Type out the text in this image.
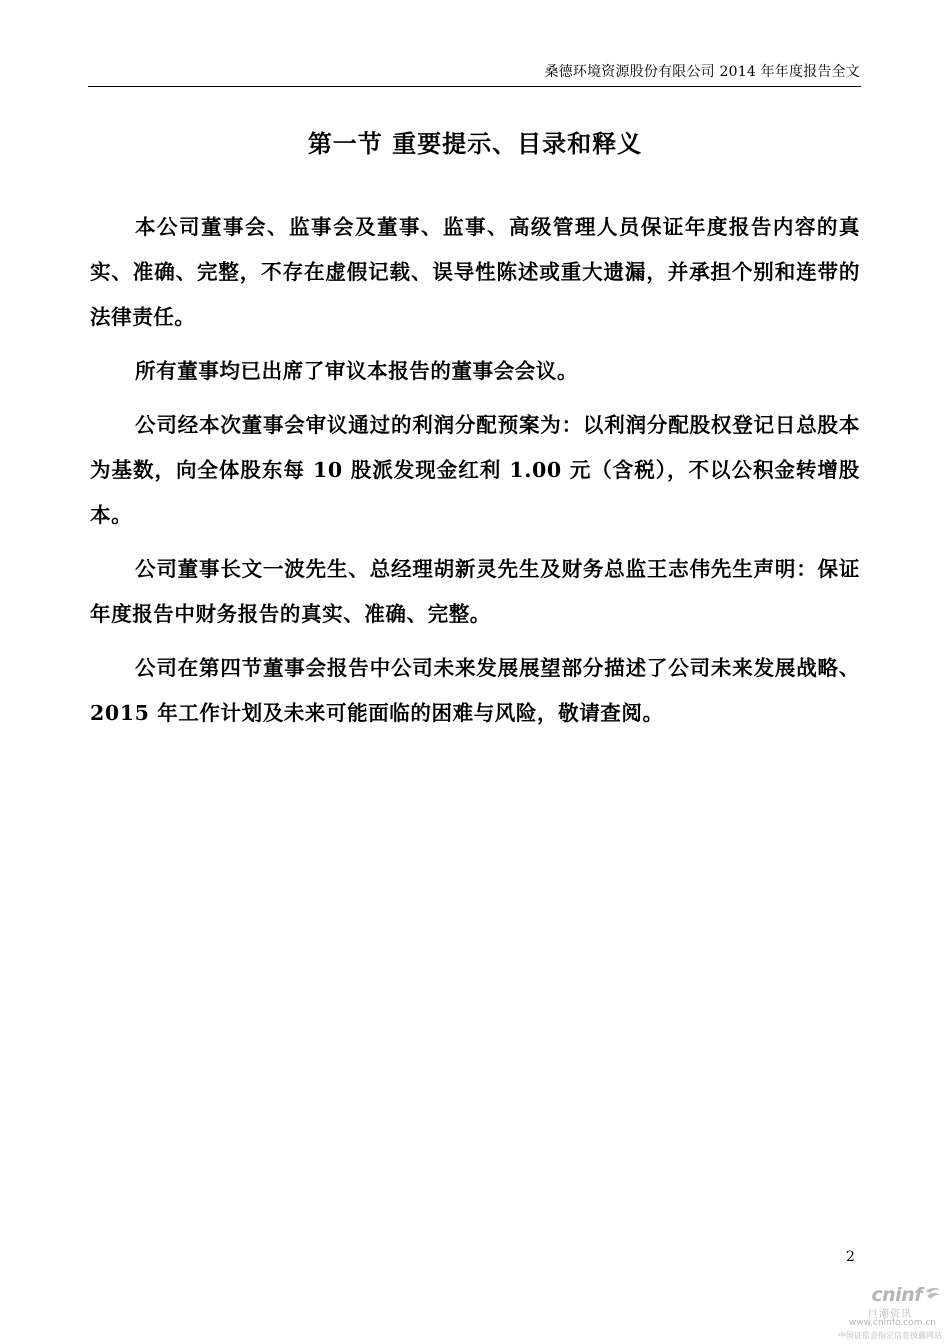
桑德环境资源股份有限公司 2014 年年度报告全文
第一节 重要提示、目录和释义

本公司董事会、监事会及董事、监事、高级管理人员保证年度报告内容的真实、准确、完整，不存在虚假记载、误导性陈述或重大遗漏，并承担个别和连带的法律责任。

所有董事均已出席了审议本报告的董事会会议。

公司经本次董事会审议通过的利润分配预案为：以利润分配股权登记日总股本为基数，向全体股东每 10 股派发现金红利 1.00 元（含税），不以公积金转增股本。

公司董事长文一波先生、总经理胡新灵先生及财务总监王志伟先生声明：保证年度报告中财务报告的真实、准确、完整。

公司在第四节董事会报告中公司未来发展展望部分描述了公司未来发展战略、2015 年工作计划及未来可能面临的困难与风险，敬请查阅。

2
cninf
巨潮资讯
www.cninfo.com.cn
中国证监会指定信息披露网站
